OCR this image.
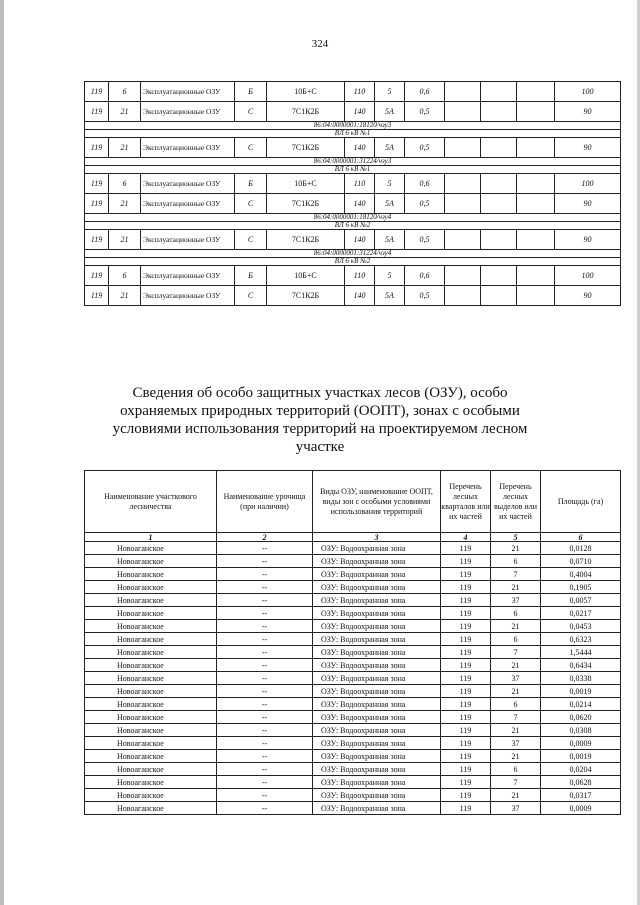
324
119	6	Эксплуатационные ОЗУ	Б	10Б+С	110	5	0,6				100
119	21	Эксплуатационные ОЗУ	С	7С1К2Б	140	5А	0,5				90
86:04:0000001:18120/чзу3											
ВЛ 6 кВ №1											
119	21	Эксплуатационные ОЗУ	С	7С1К2Б	140	5А	0,5				90
86:04:0000001:31224/чзу3											
ВЛ 6 кВ №1											
119	6	Эксплуатационные ОЗУ	Б	10Б+С	110	5	0,6				100
119	21	Эксплуатационные ОЗУ	С	7С1К2Б	140	5А	0,5				90
86:04:0000001:18120/чзу4											
ВЛ 6 кВ №2											
119	21	Эксплуатационные ОЗУ	С	7С1К2Б	140	5А	0,5				90
86:04:0000001:31224/чзу4											
ВЛ 6 кВ №2											
119	6	Эксплуатационные ОЗУ	Б	10Б+С	110	5	0,6				100
119	21	Эксплуатационные ОЗУ	С	7С1К2Б	140	5А	0,5				90
Сведения об особо защитных участках лесов (ОЗУ), особо охраняемых природных территорий (ООПТ), зонах с особыми условиями использования территорий на проектируемом лесном участке
Наименование участкового лесничества	Наименование урочища (при наличии)	Виды ОЗУ, наименование ООПТ, виды зон с особыми условиями использования территорий	Перечень лесных кварталов или их частей	Перечень лесных выделов или их частей	Площадь (га)
1	2	3	4	5	6
Новоаганское	--	ОЗУ: Водоохранная зона	119	21	0,0128
Новоаганское	--	ОЗУ: Водоохранная зона	119	6	0,0710
Новоаганское	--	ОЗУ: Водоохранная зона	119	7	0,4004
Новоаганское	--	ОЗУ: Водоохранная зона	119	21	0,1905
Новоаганское	--	ОЗУ: Водоохранная зона	119	37	0,0057
Новоаганское	--	ОЗУ: Водоохранная зона	119	6	0,0217
Новоаганское	--	ОЗУ: Водоохранная зона	119	21	0,0453
Новоаганское	--	ОЗУ: Водоохранная зона	119	6	0,6323
Новоаганское	--	ОЗУ: Водоохранная зона	119	7	1,5444
Новоаганское	--	ОЗУ: Водоохранная зона	119	21	0,6434
Новоаганское	--	ОЗУ: Водоохранная зона	119	37	0,0338
Новоаганское	--	ОЗУ: Водоохранная зона	119	21	0,0019
Новоаганское	--	ОЗУ: Водоохранная зона	119	6	0,0214
Новоаганское	--	ОЗУ: Водоохранная зона	119	7	0,0620
Новоаганское	--	ОЗУ: Водоохранная зона	119	21	0,0308
Новоаганское	--	ОЗУ: Водоохранная зона	119	37	0,0009
Новоаганское	--	ОЗУ: Водоохранная зона	119	21	0,0019
Новоаганское	--	ОЗУ: Водоохранная зона	119	6	0,0204
Новоаганское	--	ОЗУ: Водоохранная зона	119	7	0,0628
Новоаганское	--	ОЗУ: Водоохранная зона	119	21	0,0317
Новоаганское	--	ОЗУ: Водоохранная зона	119	37	0,0009
